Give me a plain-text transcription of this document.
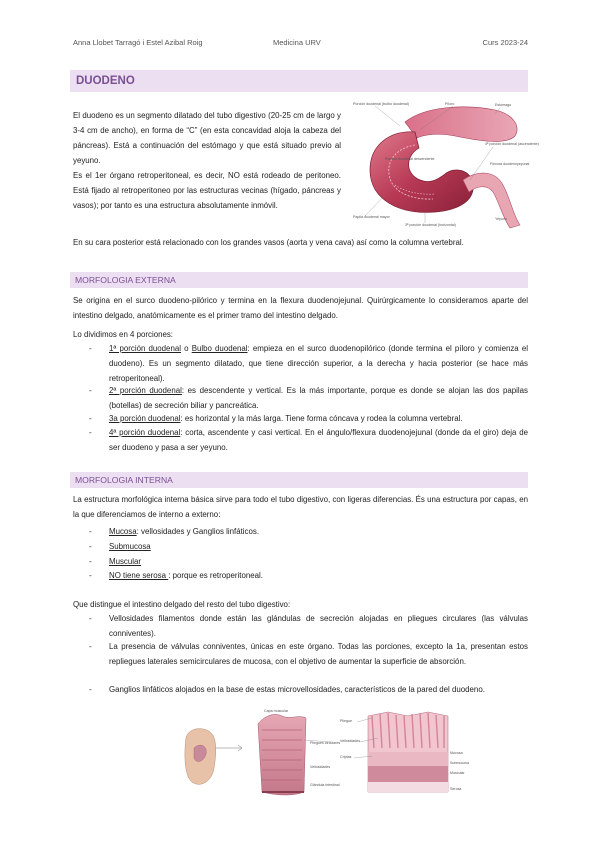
Anna Llobet Tarragó i Estel Azibal Roig	Medicina URV	Curs 2023-24
DUODENO

El duodeno es un segmento dilatado del tubo digestivo (20-25 cm de largo y 3-4 cm de ancho), en forma de “C” (en esta concavidad aloja la cabeza del páncreas). Está a continuación del estómago y que está situado previo al yeyuno.

Es el 1er órgano retroperitoneal, es decir, NO está rodeado de peritoneo. Está fijado al retroperitoneo por las estructuras vecinas (hígado, páncreas y vasos); por tanto es una estructura absolutamente inmóvil.

En su cara posterior está relacionado con los grandes vasos (aorta y vena cava) así como la columna vertebral.

Porción duodenal (bulbo duodenal)	Píloro	Estómago
4ª porción duodenal (ascendente)
Flexura duodenoyeyunal
Porción duodenal descendente
Papila duodenal mayor
3ª porción duodenal (horizontal)
Yeyuno
MORFOLOGIA EXTERNA

Se origina en el surco duodeno-pilórico y termina en la flexura duodenojejunal. Quirúrgicamente lo consideramos aparte del intestino delgado, anatómicamente es el primer tramo del intestino delgado.

Lo dividimos en 4 porciones:

- 1ª porción duodenal o Bulbo duodenal: empieza en el surco duodenopilórico (donde termina el píloro y comienza el duodeno). Es un segmento dilatado, que tiene dirección superior, a la derecha y hacia posterior (se hace más retroperitoneal).
- 2ª porción duodenal: es descendente y vertical. Es la más importante, porque es donde se alojan las dos papilas (botellas) de secreción biliar y pancreática.
- 3a porción duodenal: es horizontal y la más larga. Tiene forma cóncava y rodea la columna vertebral.
- 4ª porción duodenal: corta, ascendente y casi vertical. En el ángulo/flexura duodenojejunal (donde da el giro) deja de ser duodeno y pasa a ser yeyuno.
MORFOLOGIA INTERNA

La estructura morfológica interna básica sirve para todo el tubo digestivo, con ligeras diferencias. És una estructura por capas, en la que diferenciamos de interno a externo:

- Mucosa: vellosidades y Ganglios linfáticos.
- Submucosa
- Muscular
- NO tiene serosa : porque es retroperitoneal.

Que distingue el intestino delgado del resto del tubo digestivo:

- Vellosidades filamentos donde están las glándulas de secreción alojadas en pliegues circulares (las válvulas conniventes).
- La presencia de válvulas conniventes, únicas en este órgano. Todas las porciones, excepto la 1a, presentan estos repliegues laterales semicirculares de mucosa, con el objetivo de aumentar la superficie de absorción.
- Ganglios linfáticos alojados en la base de estas microvellosidades, característicos de la pared del duodeno.
Capa muscular
Pliegues circulares
Vellosidades
Pliegue
Vellosidades
Criptas
Mucosa
Submucosa
Muscular
Serosa
Glándula intestinal
